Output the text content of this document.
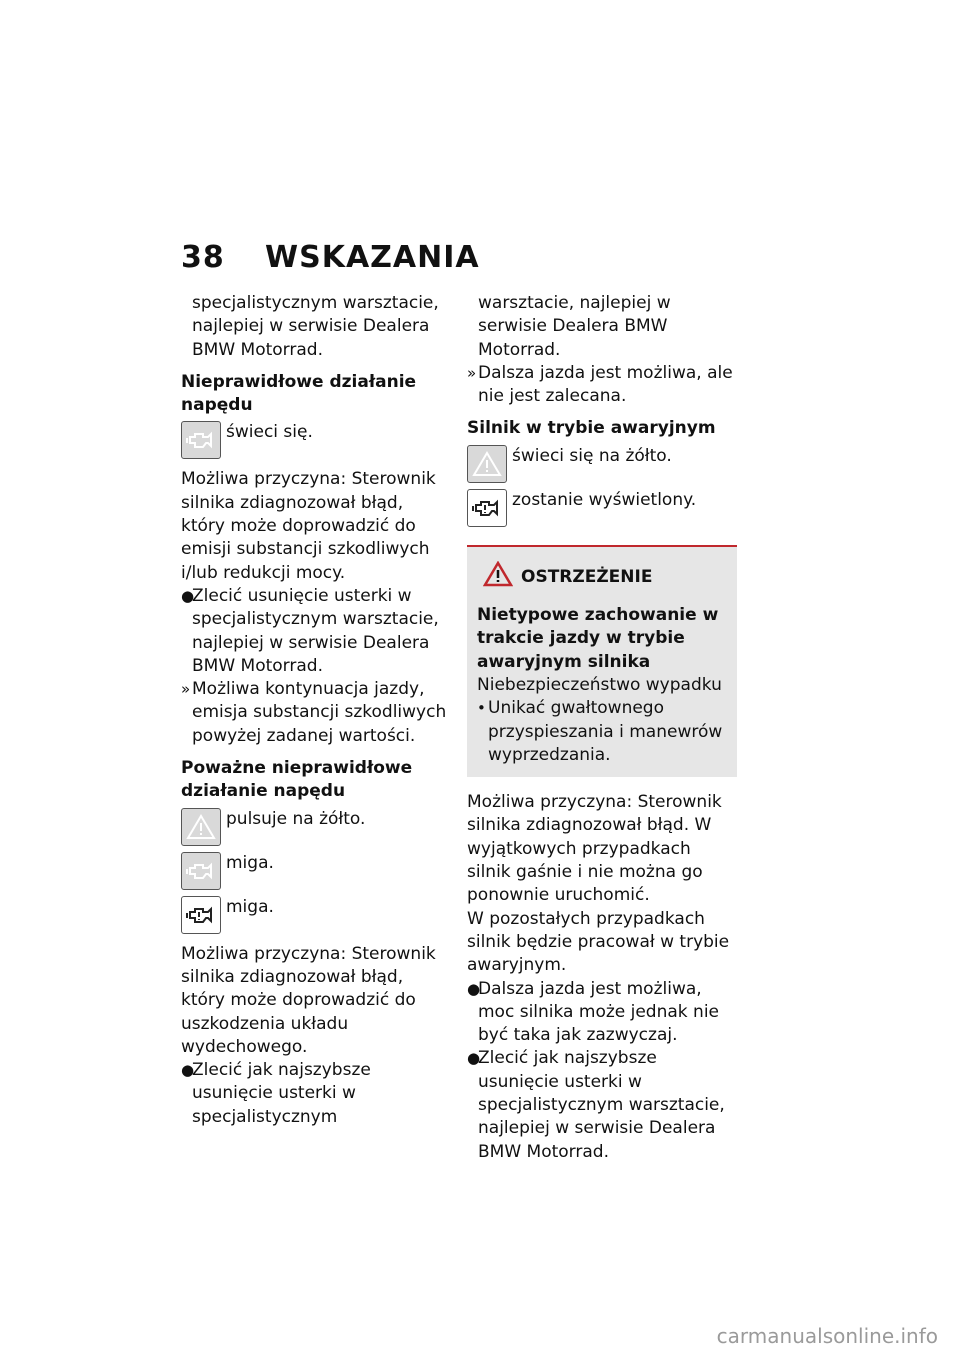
38 WSKAZANIA

specjalistycznym warsztacie, najlepiej w serwisie Dealera BMW Motorrad.

Nieprawidłowe działanie napędu

świeci się.

Możliwa przyczyna: Sterownik silnika zdiagnozował błąd, który może doprowadzić do emisji substancji szkodliwych i/lub redukcji mocy.

●
Zlecić usunięcie usterki w specjalistycznym warsztacie, najlepiej w serwisie Dealera BMW Motorrad.

» Możliwa kontynuacja jazdy, emisja substancji szkodliwych powyżej zadanej wartości.

Poważne nieprawidłowe działanie napędu

pulsuje na żółto.
miga.
miga.

Możliwa przyczyna: Sterownik silnika zdiagnozował błąd, który może doprowadzić do uszkodzenia układu wydechowego.

●
Zlecić jak najszybsze usunięcie usterki w specjalistycznym

warsztacie, najlepiej w serwisie Dealera BMW Motorrad.

» Dalsza jazda jest możliwa, ale nie jest zalecana.

Silnik w trybie awaryjnym

świeci się na żółto.
zostanie wyświetlony.
OSTRZEŻENIE

Nietypowe zachowanie w trakcie jazdy w trybie awaryjnym silnika

Niebezpieczeństwo wypadku

• Unikać gwałtownego przyspieszania i manewrów wyprzedzania.

Możliwa przyczyna: Sterownik silnika zdiagnozował błąd. W wyjątkowych przypadkach silnik gaśnie i nie można go ponownie uruchomić.

W pozostałych przypadkach silnik będzie pracował w trybie awaryjnym.

●
Dalsza jazda jest możliwa, moc silnika może jednak nie być taka jak zazwyczaj.

●
Zlecić jak najszybsze usunięcie usterki w specjalistycznym warsztacie, najlepiej w serwisie Dealera BMW Motorrad.

carmanualsonline.info
